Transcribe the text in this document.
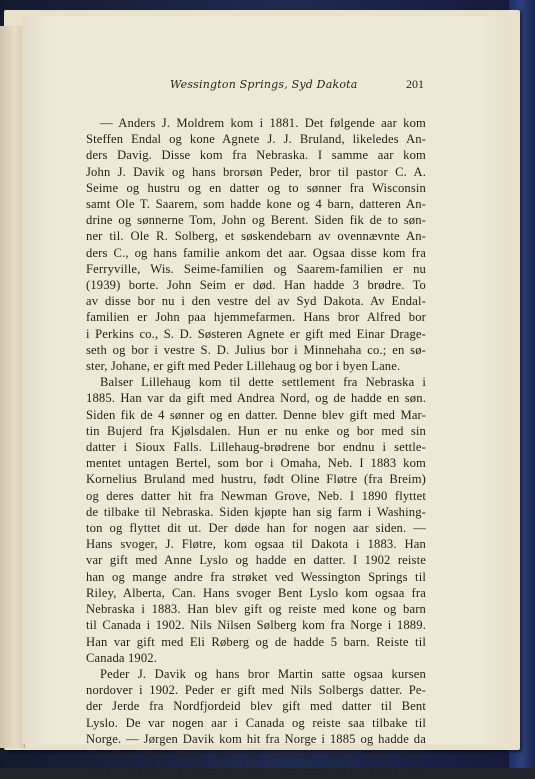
Wessington Springs, Syd Dakota	201
— Anders J. Moldrem kom i 1881. Det følgende aar kom
Steffen Endal og kone Agnete J. J. Bruland, likeledes An-
ders Davig. Disse kom fra Nebraska. I samme aar kom
John J. Davik og hans brorsøn Peder, bror til pastor C. A.
Seime og hustru og en datter og to sønner fra Wisconsin
samt Ole T. Saarem, som hadde kone og 4 barn, datteren An-
drine og sønnerne Tom, John og Berent. Siden fik de to søn-
ner til. Ole R. Solberg, et søskendebarn av ovennævnte An-
ders C., og hans familie ankom det aar. Ogsaa disse kom fra
Ferryville, Wis. Seime-familien og Saarem-familien er nu
(1939) borte. John Seim er død. Han hadde 3 brødre. To
av disse bor nu i den vestre del av Syd Dakota. Av Endal-
familien er John paa hjemmefarmen. Hans bror Alfred bor
i Perkins co., S. D. Søsteren Agnete er gift med Einar Drage-
seth og bor i vestre S. D. Julius bor i Minnehaha co.; en sø-
ster, Johane, er gift med Peder Lillehaug og bor i byen Lane.
Balser Lillehaug kom til dette settlement fra Nebraska i
1885. Han var da gift med Andrea Nord, og de hadde en søn.
Siden fik de 4 sønner og en datter. Denne blev gift med Mar-
tin Bujerd fra Kjølsdalen. Hun er nu enke og bor med sin
datter i Sioux Falls. Lillehaug-brødrene bor endnu i settle-
mentet untagen Bertel, som bor i Omaha, Neb. I 1883 kom
Kornelius Bruland med hustru, født Oline Fløtre (fra Breim)
og deres datter hit fra Newman Grove, Neb. I 1890 flyttet
de tilbake til Nebraska. Siden kjøpte han sig farm i Washing-
ton og flyttet dit ut. Der døde han for nogen aar siden. —
Hans svoger, J. Fløtre, kom ogsaa til Dakota i 1883. Han
var gift med Anne Lyslo og hadde en datter. I 1902 reiste
han og mange andre fra strøket ved Wessington Springs til
Riley, Alberta, Can. Hans svoger Bent Lyslo kom ogsaa fra
Nebraska i 1883. Han blev gift og reiste med kone og barn
til Canada i 1902. Nils Nilsen Sølberg kom fra Norge i 1889.
Han var gift med Eli Røberg og de hadde 5 barn. Reiste til
Canada 1902.
Peder J. Davik og hans bror Martin satte ogsaa kursen
nordover i 1902. Peder er gift med Nils Solbergs datter. Pe-
der Jerde fra Nordfjordeid blev gift med datter til Bent
Lyslo. De var nogen aar i Canada og reiste saa tilbake til
Norge. — Jørgen Davik kom hit fra Norge i 1885 og hadde da
3 voksne barn, Brita, Josef og Sameline. Deres yngre barn,
Peder, Martin og Rasmus, blev konfirmert her. Jørgen Da-
